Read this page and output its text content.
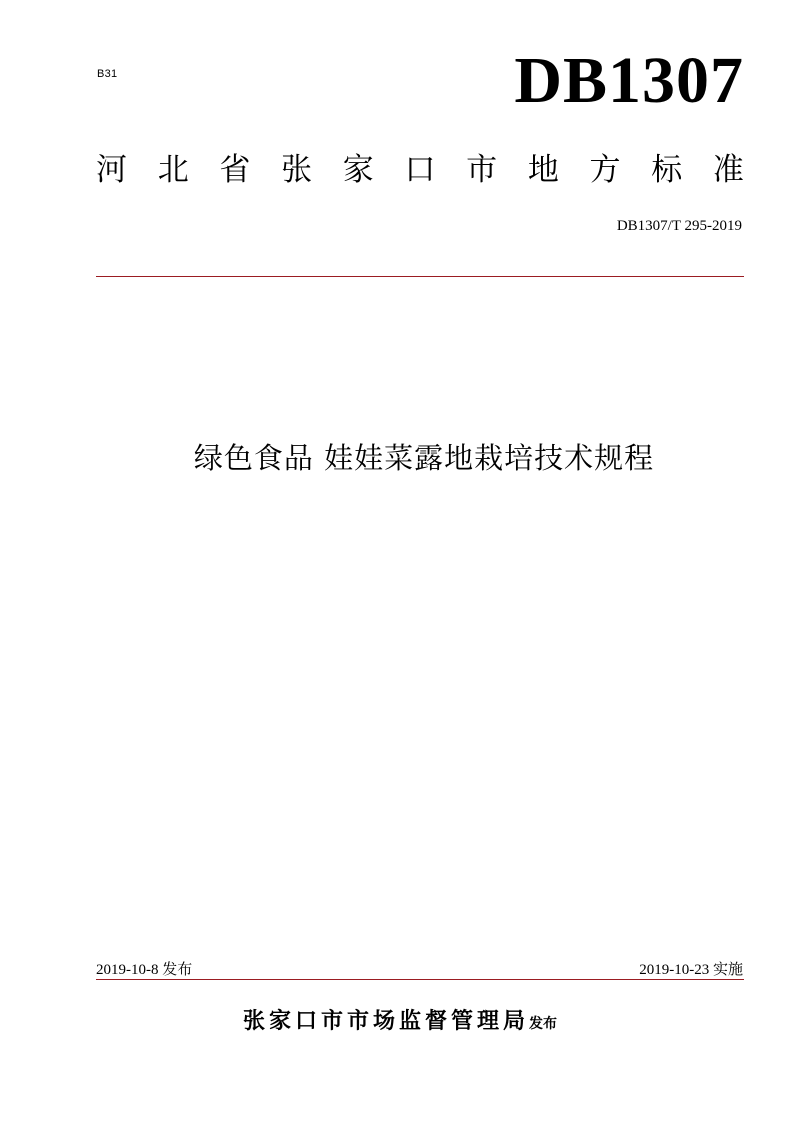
B31	DB1307
河 北 省 张 家 口 市 地 方 标 准
DB1307/T 295-2019
绿色食品 娃娃菜露地栽培技术规程
2019-10-8 发布	2019-10-23 实施
张家口市市场监督管理局发布
